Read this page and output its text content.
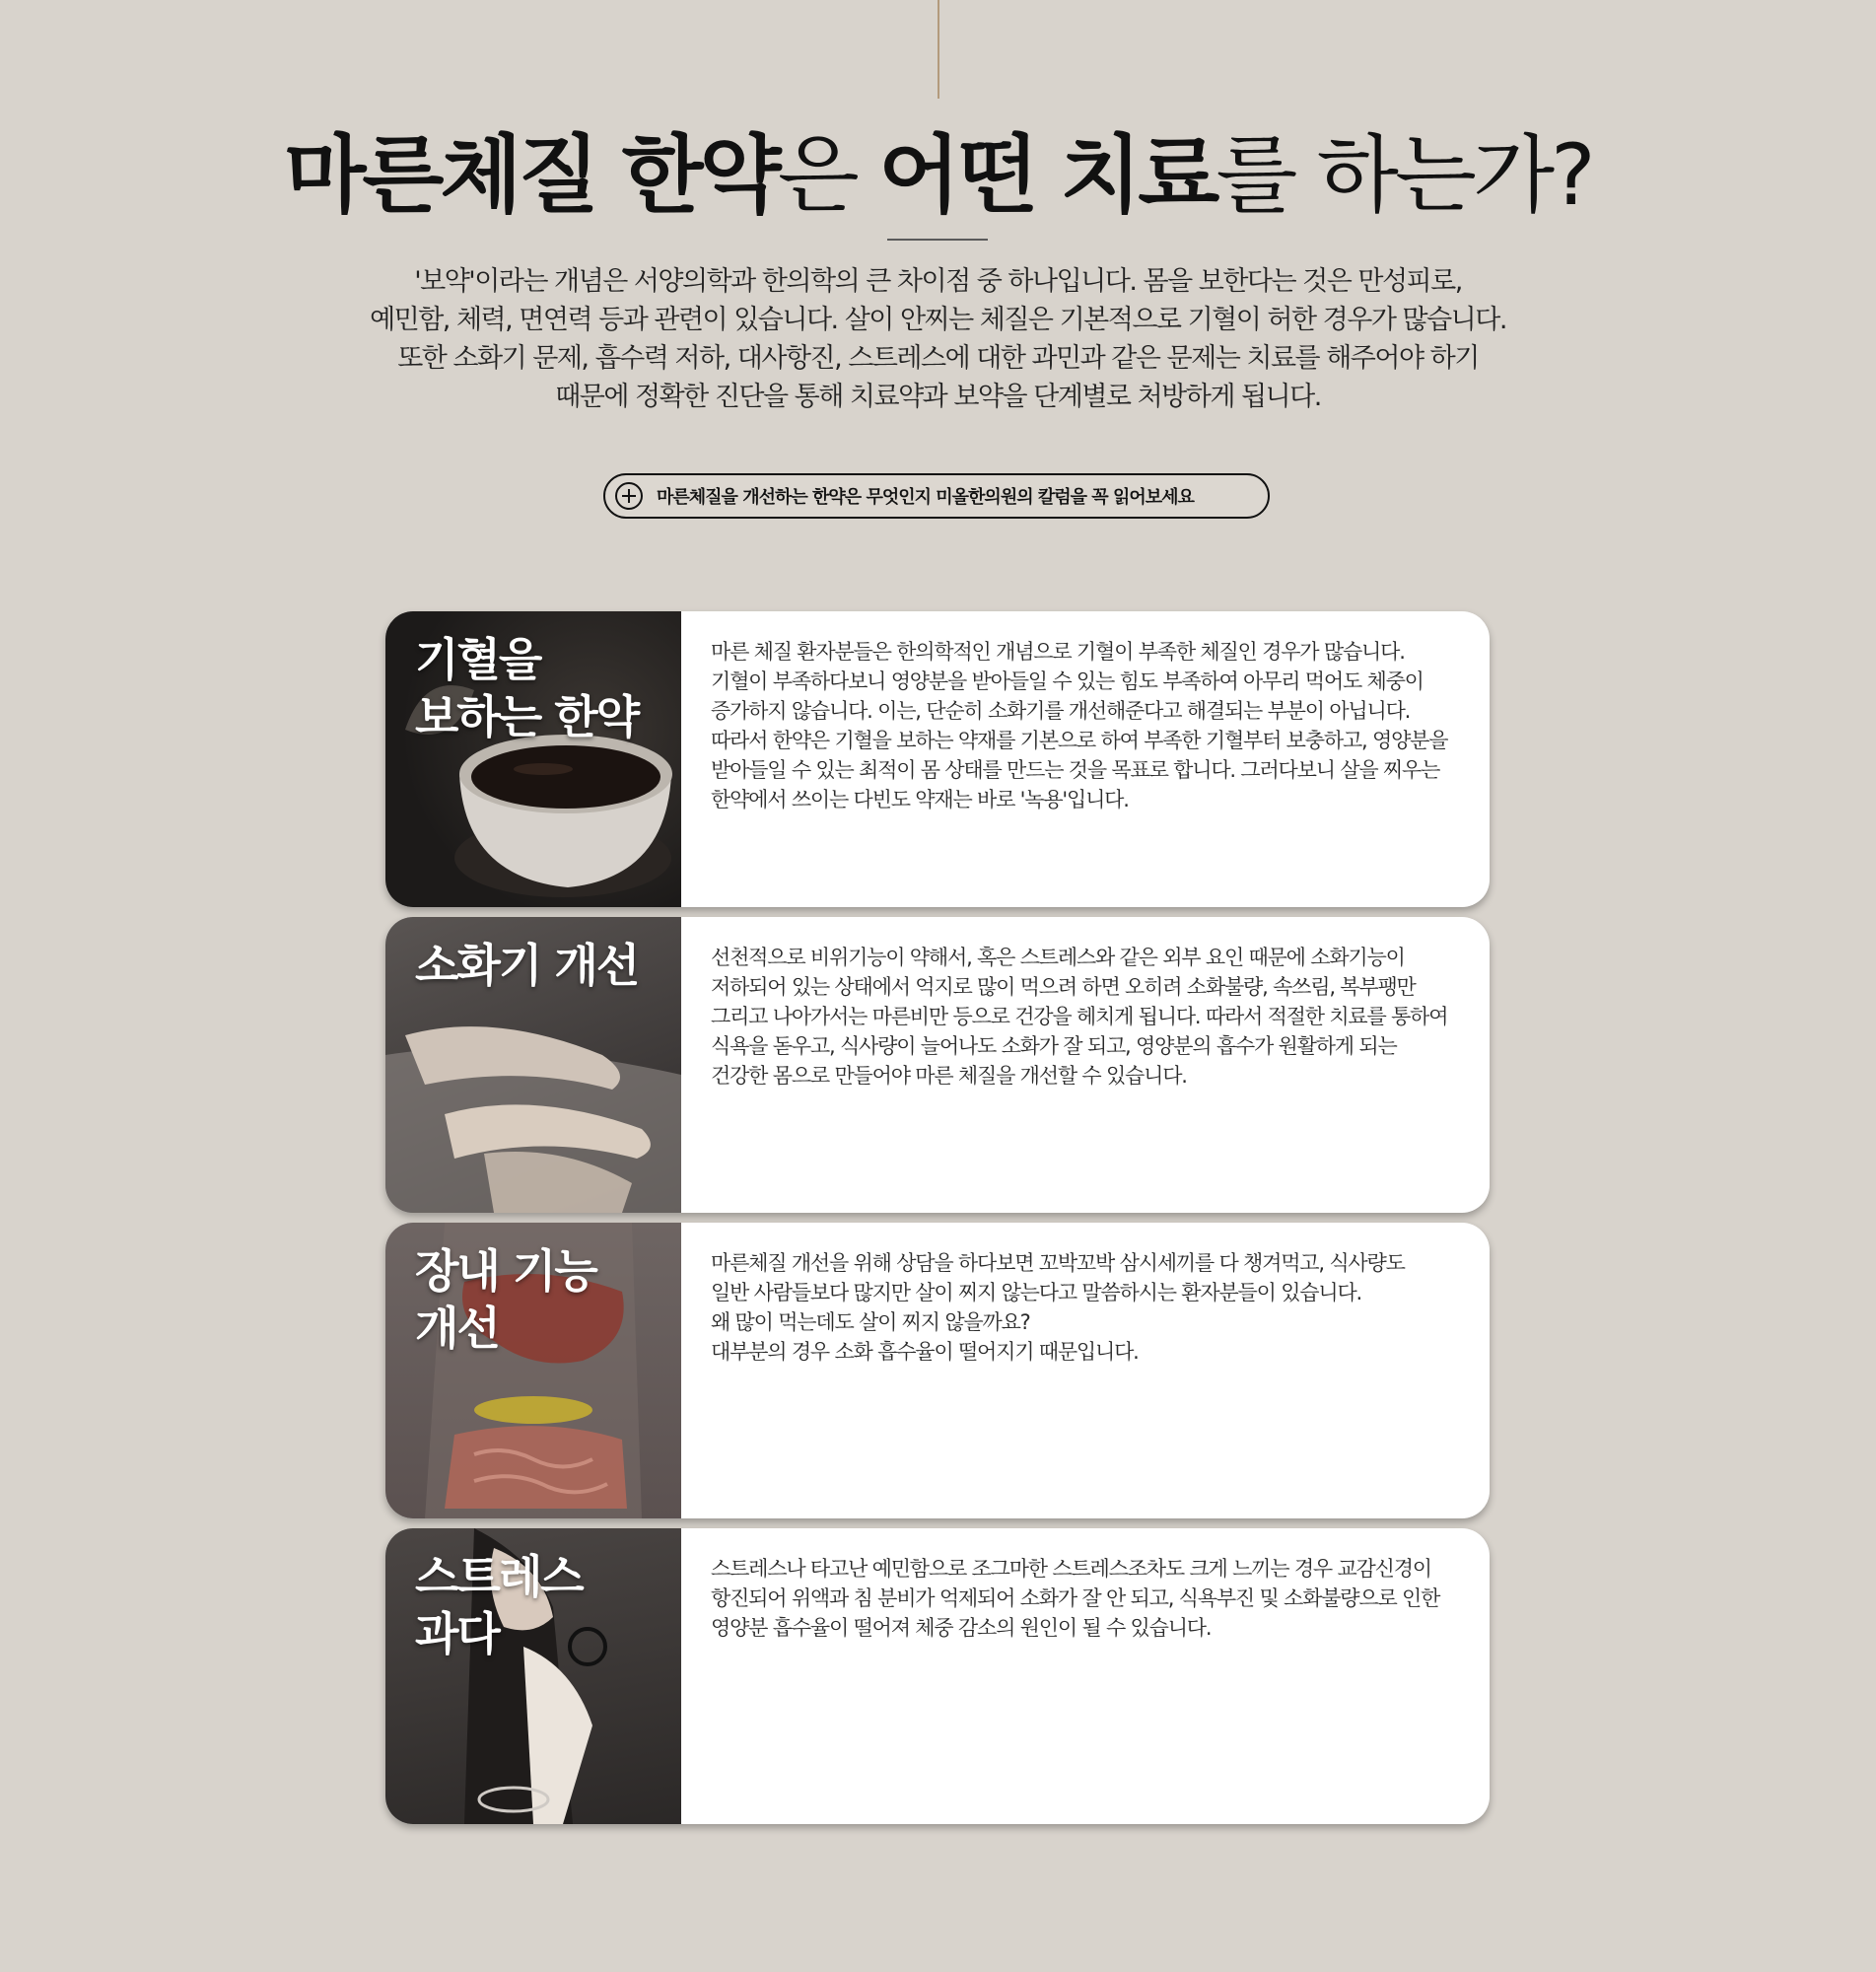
마른체질 한약은 어떤 치료를 하는가?

'보약'이라는 개념은 서양의학과 한의학의 큰 차이점 중 하나입니다. 몸을 보한다는 것은 만성피로,

예민함, 체력, 면연력 등과 관련이 있습니다. 살이 안찌는 체질은 기본적으로 기혈이 허한 경우가 많습니다.

또한 소화기 문제, 흡수력 저하, 대사항진, 스트레스에 대한 과민과 같은 문제는 치료를 해주어야 하기

때문에 정확한 진단을 통해 치료약과 보약을 단계별로 처방하게 됩니다.

마른체질을 개선하는 한약은 무엇인지 미올한의원의 칼럼을 꼭 읽어보세요
기혈을
보하는 한약
마른 체질 환자분들은 한의학적인 개념으로 기혈이 부족한 체질인 경우가 많습니다.
기혈이 부족하다보니 영양분을 받아들일 수 있는 힘도 부족하여 아무리 먹어도 체중이
증가하지 않습니다. 이는, 단순히 소화기를 개선해준다고 해결되는 부분이 아닙니다.
따라서 한약은 기혈을 보하는 약재를 기본으로 하여 부족한 기혈부터 보충하고, 영양분을
받아들일 수 있는 최적이 몸 상태를 만드는 것을 목표로 합니다. 그러다보니 살을 찌우는
한약에서 쓰이는 다빈도 약재는 바로 '녹용'입니다.
소화기 개선	선천적으로 비위기능이 약해서, 혹은 스트레스와 같은 외부 요인 때문에 소화기능이
저하되어 있는 상태에서 억지로 많이 먹으려 하면 오히려 소화불량, 속쓰림, 복부팽만
그리고 나아가서는 마른비만 등으로 건강을 헤치게 됩니다. 따라서 적절한 치료를 통하여
식욕을 돋우고, 식사량이 늘어나도 소화가 잘 되고, 영양분의 흡수가 원활하게 되는
건강한 몸으로 만들어야 마른 체질을 개선할 수 있습니다.
장내 기능
개선
마른체질 개선을 위해 상담을 하다보면 꼬박꼬박 삼시세끼를 다 챙겨먹고, 식사량도
일반 사람들보다 많지만 살이 찌지 않는다고 말씀하시는 환자분들이 있습니다.
왜 많이 먹는데도 살이 찌지 않을까요?
대부분의 경우 소화 흡수율이 떨어지기 때문입니다.
스트레스
과다
스트레스나 타고난 예민함으로 조그마한 스트레스조차도 크게 느끼는 경우 교감신경이
항진되어 위액과 침 분비가 억제되어 소화가 잘 안 되고, 식욕부진 및 소화불량으로 인한
영양분 흡수율이 떨어져 체중 감소의 원인이 될 수 있습니다.
